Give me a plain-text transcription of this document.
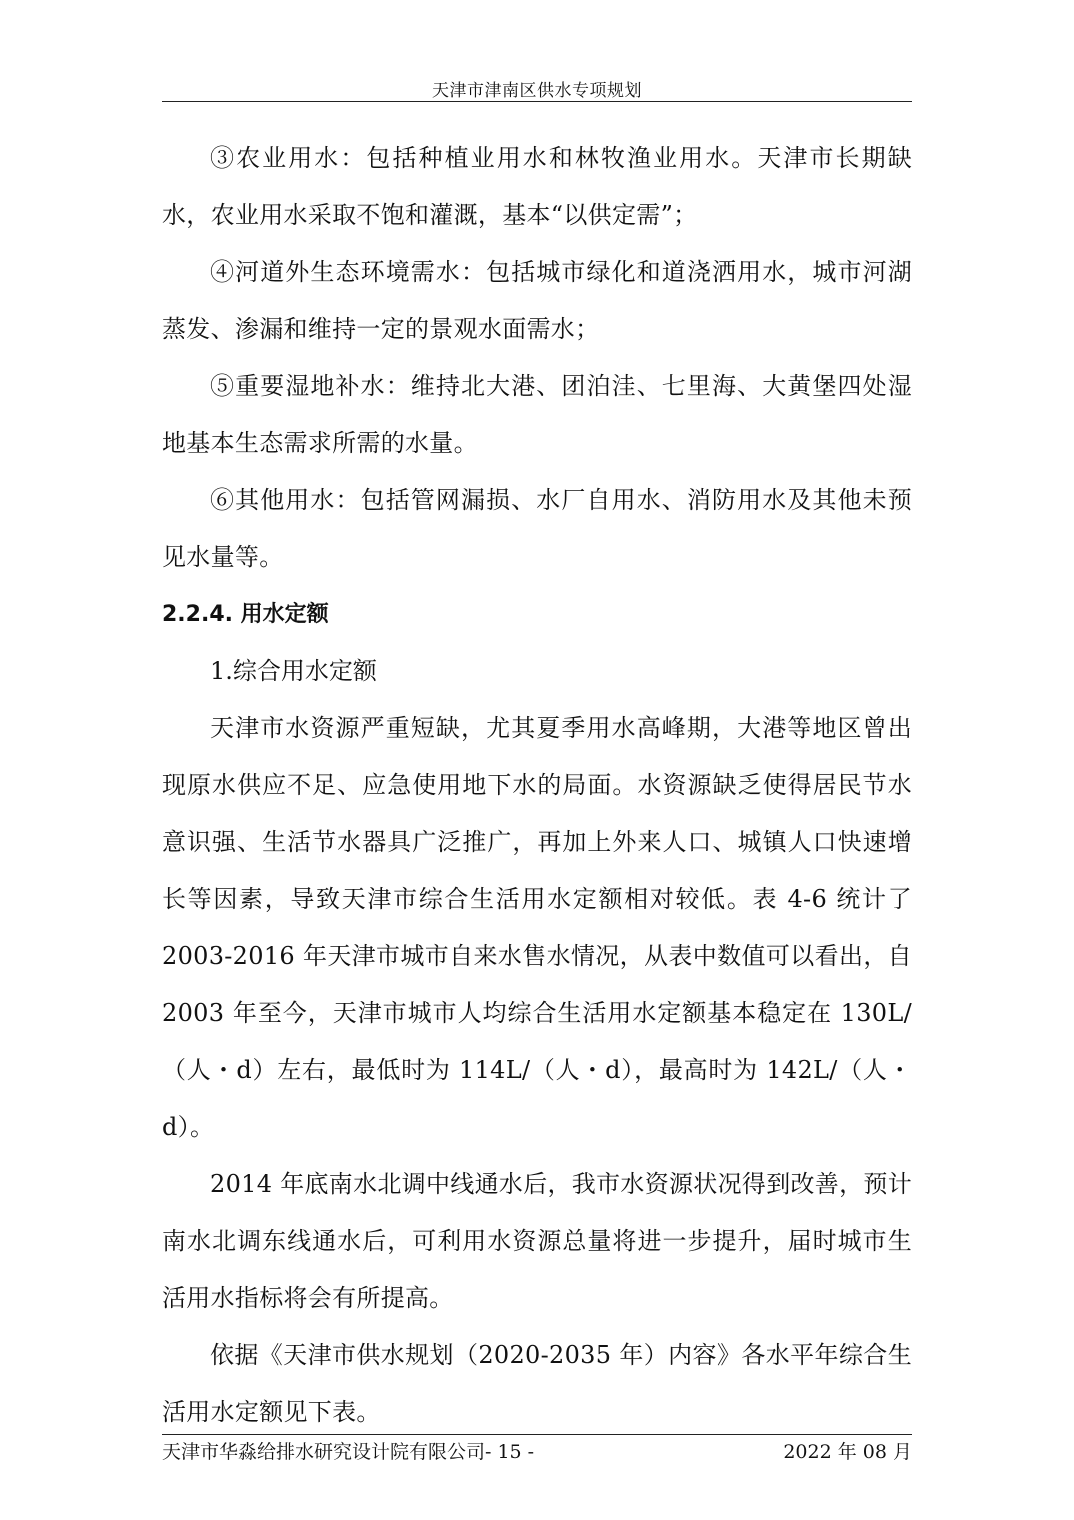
天津市津南区供水专项规划

③农业用水：包括种植业用水和林牧渔业用水。天津市长期缺水，农业用水采取不饱和灌溉，基本“以供定需”；

④河道外生态环境需水：包括城市绿化和道浇洒用水，城市河湖蒸发、渗漏和维持一定的景观水面需水；

⑤重要湿地补水：维持北大港、团泊洼、七里海、大黄堡四处湿地基本生态需求所需的水量。

⑥其他用水：包括管网漏损、水厂自用水、消防用水及其他未预见水量等。

2.2.4. 用水定额

1.综合用水定额

天津市水资源严重短缺，尤其夏季用水高峰期，大港等地区曾出现原水供应不足、应急使用地下水的局面。水资源缺乏使得居民节水意识强、生活节水器具广泛推广，再加上外来人口、城镇人口快速增长等因素，导致天津市综合生活用水定额相对较低。表 4-6 统计了 2003-2016 年天津市城市自来水售水情况，从表中数值可以看出，自 2003 年至今，天津市城市人均综合生活用水定额基本稳定在 130L/（人・d）左右，最低时为 114L/（人・d），最高时为 142L/（人・d）。

2014 年底南水北调中线通水后，我市水资源状况得到改善，预计南水北调东线通水后，可利用水资源总量将进一步提升，届时城市生活用水指标将会有所提高。

依据《天津市供水规划（2020-2035 年）内容》各水平年综合生活用水定额见下表。

天津市华淼给排水研究设计院有限公司- 15 -	2022 年 08 月
